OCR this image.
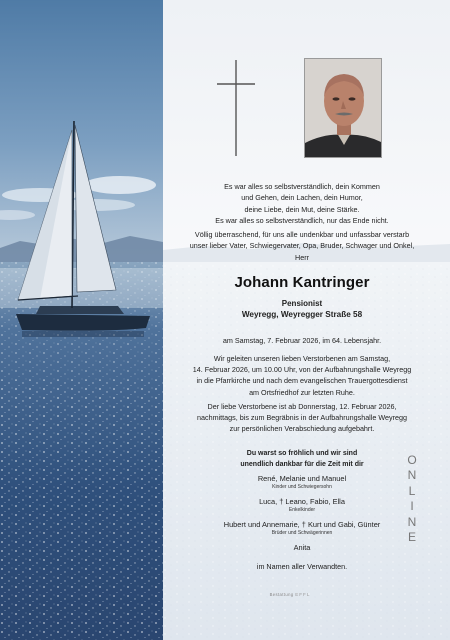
Es war alles so selbstverständlich, dein Kommen
und Gehen, dein Lachen, dein Humor,
deine Liebe, dein Mut, deine Stärke.
Es war alles so selbstverständlich, nur das Ende nicht.
Völlig überraschend, für uns alle undenkbar und unfassbar verstarb
unser lieber Vater, Schwiegervater, Opa, Bruder, Schwager und Onkel,
Herr
Johann Kantringer
Pensionist
Weyregg, Weyregger Straße 58
am Samstag, 7. Februar 2026, im 64. Lebensjahr.
Wir geleiten unseren lieben Verstorbenen am Samstag,
14. Februar 2026, um 10.00 Uhr, von der Aufbahrungshalle Weyregg
in die Pfarrkirche und nach dem evangelischen Trauergottesdienst
am Ortsfriedhof zur letzten Ruhe.
Der liebe Verstorbene ist ab Donnerstag, 12. Februar 2026,
nachmittags, bis zum Begräbnis in der Aufbahrungshalle Weyregg
zur persönlichen Verabschiedung aufgebahrt.
Du warst so fröhlich und wir sind
unendlich dankbar für die Zeit mit dir
René, Melanie und Manuel
Kinder und Schwiegersohn
Luca, † Leano, Fabio, Ella
Enkelkinder
Hubert und Annemarie, † Kurt und Gabi, Günter
Brüder und Schwägerinnen
Anita
im Namen aller Verwandten.
O
N
L
I
N
E
Bestattung EFFL
